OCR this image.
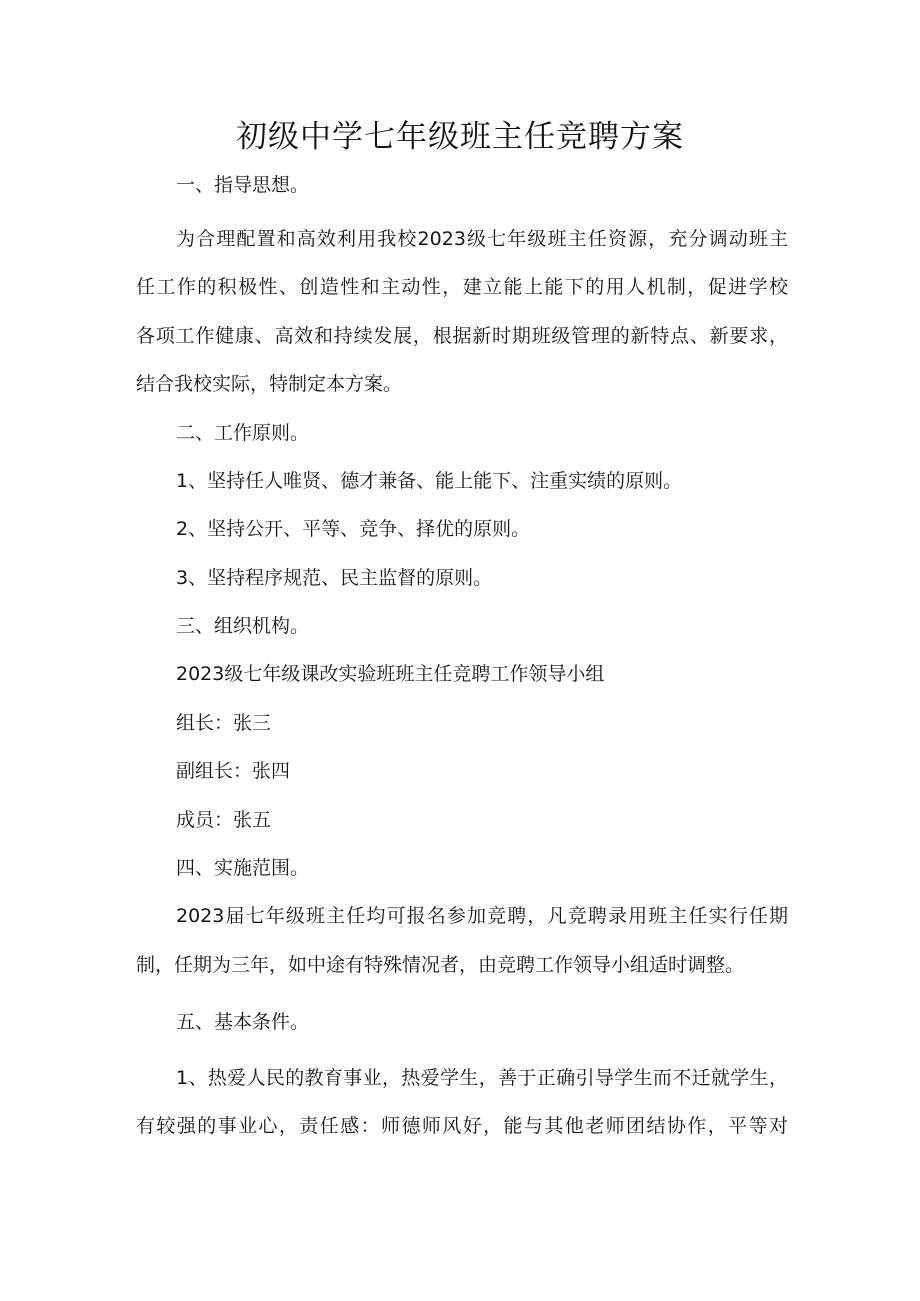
初级中学七年级班主任竞聘方案

一、指导思想。

为合理配置和高效利用我校2023级七年级班主任资源，充分调动班主

任工作的积极性、创造性和主动性，建立能上能下的用人机制，促进学校

各项工作健康、高效和持续发展，根据新时期班级管理的新特点、新要求，

结合我校实际，特制定本方案。

二、工作原则。

1、坚持任人唯贤、德才兼备、能上能下、注重实绩的原则。

2、坚持公开、平等、竞争、择优的原则。

3、坚持程序规范、民主监督的原则。

三、组织机构。

2023级七年级课改实验班班主任竞聘工作领导小组

组长：张三

副组长：张四

成员：张五

四、实施范围。

2023届七年级班主任均可报名参加竞聘，凡竞聘录用班主任实行任期

制，任期为三年，如中途有特殊情况者，由竞聘工作领导小组适时调整。

五、基本条件。

1、热爱人民的教育事业，热爱学生，善于正确引导学生而不迁就学生，

有较强的事业心，责任感：师德师风好，能与其他老师团结协作，平等对
